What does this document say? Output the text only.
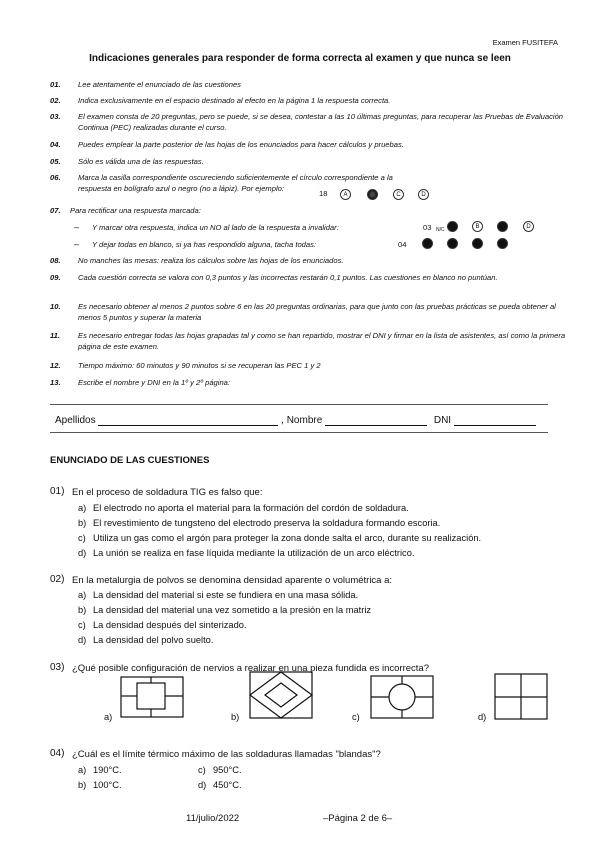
Examen FUSITEFA
Indicaciones generales para responder de forma correcta al examen y que nunca se leen
01. Lee atentamente el enunciado de las cuestiones
02. Indica exclusivamente en el espacio destinado al efecto en la página 1 la respuesta correcta.
03. El examen consta de 20 preguntas, pero se puede, si se desea, contestar a las 10 últimas preguntas, para recuperar las Pruebas de Evaluación Continua (PEC) realizadas durante el curso.
04. Puedes emplear la parte posterior de las hojas de los enunciados para hacer cálculos y pruebas.
05. Sólo es válida una de las respuestas.
06. Marca la casilla correspondiente oscureciendo suficientemente el círculo correspondiente a la respuesta en bolígrafo azul o negro (no a lápiz). Por ejemplo:
18	A	C	D
07. Para rectificar una respuesta marcada:
– Y marcar otra respuesta, indica un NO al lado de la respuesta a invalidar:	03 N/C	B	D
– Y dejar todas en blanco, si ya has respondido alguna, tacha todas:	04
08. No manches las mesas: realiza los cálculos sobre las hojas de los enunciados.
09. Cada cuestión correcta se valora con 0,3 puntos y las incorrectas restarán 0,1 puntos. Las cuestiones en blanco no puntúan.
10. Es necesario obtener al menos 2 puntos sobre 6 en las 20 preguntas ordinarias, para que junto con las pruebas prácticas se pueda obtener al menos 5 puntos y superar la materia
11. Es necesario entregar todas las hojas grapadas tal y como se han repartido, mostrar el DNI y firmar en la lista de asistentes, así como la primera página de este examen.
12. Tiempo máximo: 60 minutos y 90 minutos si se recuperan las PEC 1 y 2
13. Escribe el nombre y DNI en la 1º y 2º página:
Apellidos	, Nombre	DNI
ENUNCIADO DE LAS CUESTIONES
01) En el proceso de soldadura TIG es falso que:
a) El electrodo no aporta el material para la formación del cordón de soldadura.
b) El revestimiento de tungsteno del electrodo preserva la soldadura formando escoria.
c) Utiliza un gas como el argón para proteger la zona donde salta el arco, durante su realización.
d) La unión se realiza en fase líquida mediante la utilización de un arco eléctrico.
02) En la metalurgia de polvos se denomina densidad aparente o volumétrica a:
a) La densidad del material si este se fundiera en una masa sólida.
b) La densidad del material una vez sometido a la presión en la matriz
c) La densidad después del sinterizado.
d) La densidad del polvo suelto.
03) ¿Qué posible configuración de nervios a realizar en una pieza fundida es incorrecta?
a)	b)	c)	d)
04) ¿Cuál es el límite térmico máximo de las soldaduras llamadas "blandas"?
a) 190°C.
b) 100°C.
c) 950°C.
d) 450°C.
11/julio/2022	–Página 2 de 6–
